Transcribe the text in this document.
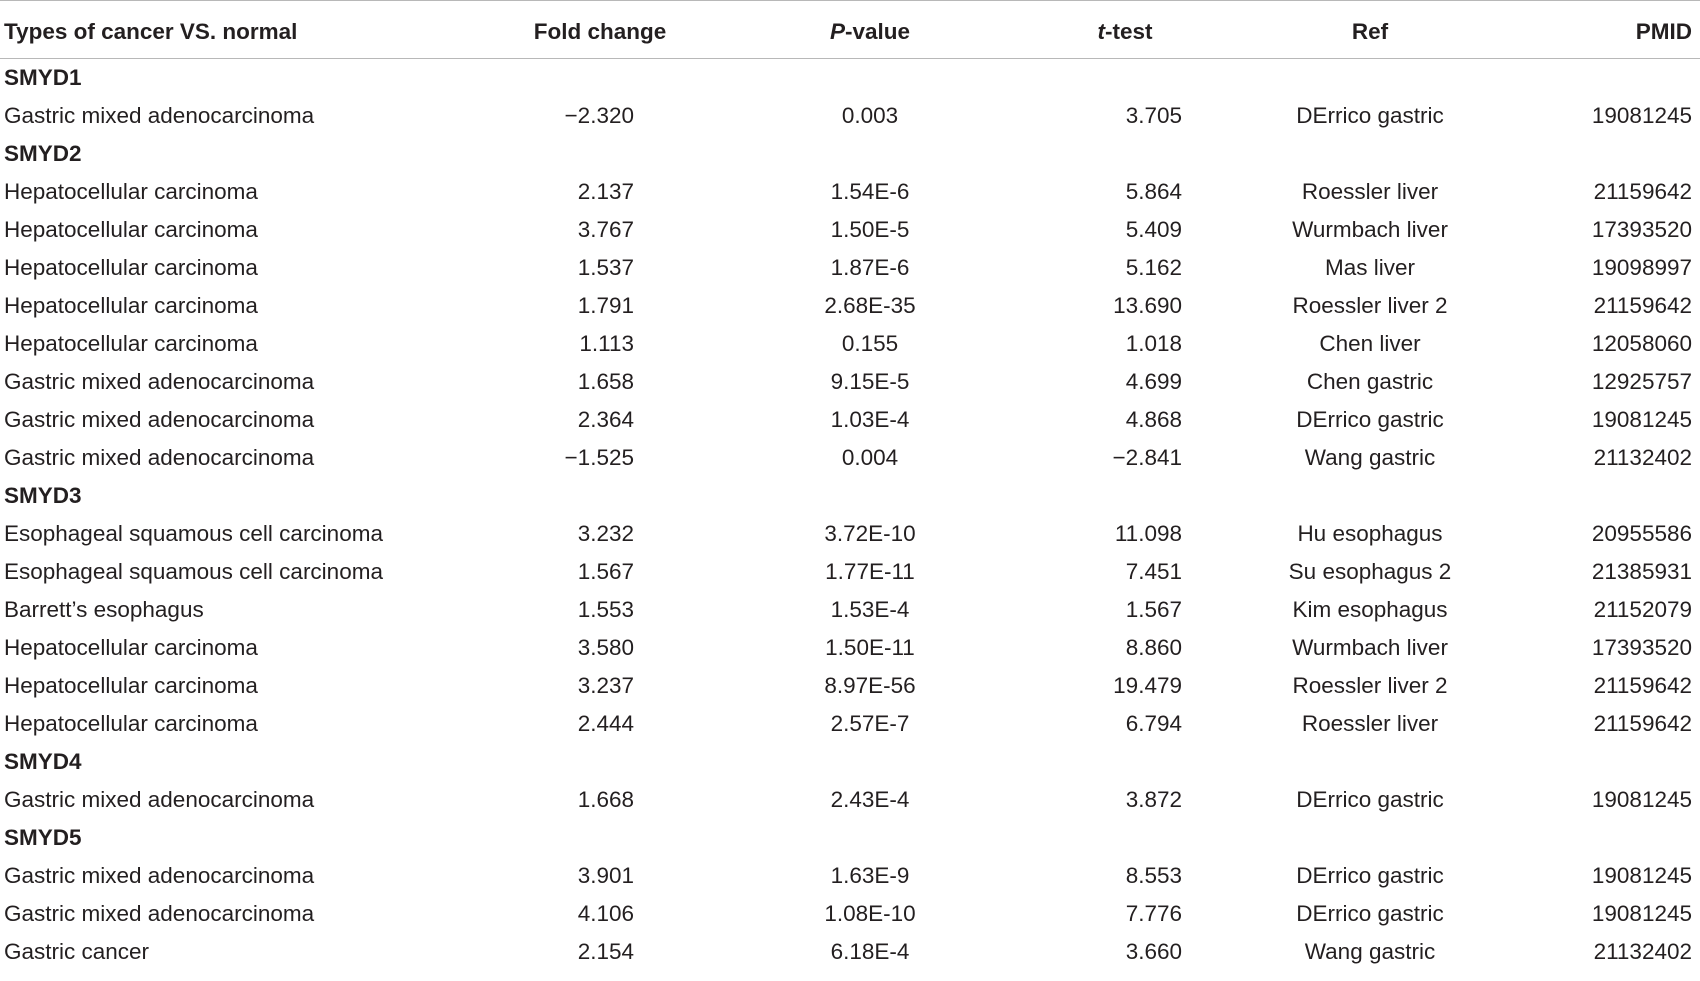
Types of cancer VS. normal	Fold change	P-value	t-test	Ref	PMID
SMYD1					
Gastric mixed adenocarcinoma	−2.320	0.003	3.705	DErrico gastric	19081245
SMYD2					
Hepatocellular carcinoma	2.137	1.54E-6	5.864	Roessler liver	21159642
Hepatocellular carcinoma	3.767	1.50E-5	5.409	Wurmbach liver	17393520
Hepatocellular carcinoma	1.537	1.87E-6	5.162	Mas liver	19098997
Hepatocellular carcinoma	1.791	2.68E-35	13.690	Roessler liver 2	21159642
Hepatocellular carcinoma	1.113	0.155	1.018	Chen liver	12058060
Gastric mixed adenocarcinoma	1.658	9.15E-5	4.699	Chen gastric	12925757
Gastric mixed adenocarcinoma	2.364	1.03E-4	4.868	DErrico gastric	19081245
Gastric mixed adenocarcinoma	−1.525	0.004	−2.841	Wang gastric	21132402
SMYD3					
Esophageal squamous cell carcinoma	3.232	3.72E-10	11.098	Hu esophagus	20955586
Esophageal squamous cell carcinoma	1.567	1.77E-11	7.451	Su esophagus 2	21385931
Barrett’s esophagus	1.553	1.53E-4	1.567	Kim esophagus	21152079
Hepatocellular carcinoma	3.580	1.50E-11	8.860	Wurmbach liver	17393520
Hepatocellular carcinoma	3.237	8.97E-56	19.479	Roessler liver 2	21159642
Hepatocellular carcinoma	2.444	2.57E-7	6.794	Roessler liver	21159642
SMYD4					
Gastric mixed adenocarcinoma	1.668	2.43E-4	3.872	DErrico gastric	19081245
SMYD5					
Gastric mixed adenocarcinoma	3.901	1.63E-9	8.553	DErrico gastric	19081245
Gastric mixed adenocarcinoma	4.106	1.08E-10	7.776	DErrico gastric	19081245
Gastric cancer	2.154	6.18E-4	3.660	Wang gastric	21132402
